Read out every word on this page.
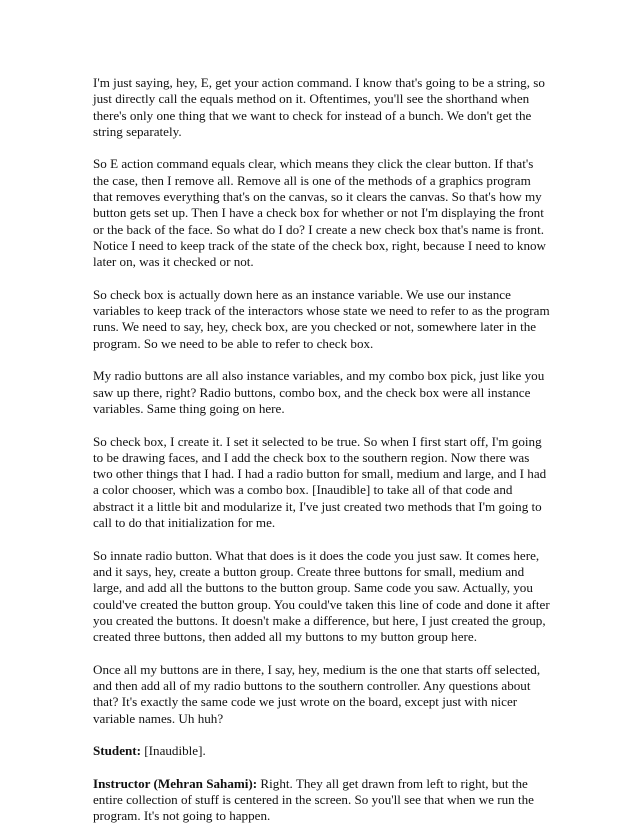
I'm just saying, hey, E, get your action command. I know that's going to be a string, so just directly call the equals method on it. Oftentimes, you'll see the shorthand when there's only one thing that we want to check for instead of a bunch. We don't get the string separately.

So E action command equals clear, which means they click the clear button. If that's the case, then I remove all. Remove all is one of the methods of a graphics program that removes everything that's on the canvas, so it clears the canvas. So that's how my button gets set up. Then I have a check box for whether or not I'm displaying the front or the back of the face. So what do I do? I create a new check box that's name is front. Notice I need to keep track of the state of the check box, right, because I need to know later on, was it checked or not.

So check box is actually down here as an instance variable. We use our instance variables to keep track of the interactors whose state we need to refer to as the program runs. We need to say, hey, check box, are you checked or not, somewhere later in the program. So we need to be able to refer to check box.

My radio buttons are all also instance variables, and my combo box pick, just like you saw up there, right? Radio buttons, combo box, and the check box were all instance variables. Same thing going on here.

So check box, I create it. I set it selected to be true. So when I first start off, I'm going to be drawing faces, and I add the check box to the southern region. Now there was two other things that I had. I had a radio button for small, medium and large, and I had a color chooser, which was a combo box. [Inaudible] to take all of that code and abstract it a little bit and modularize it, I've just created two methods that I'm going to call to do that initialization for me.

So innate radio button. What that does is it does the code you just saw. It comes here, and it says, hey, create a button group. Create three buttons for small, medium and large, and add all the buttons to the button group. Same code you saw. Actually, you could've created the button group. You could've taken this line of code and done it after you created the buttons. It doesn't make a difference, but here, I just created the group, created three buttons, then added all my buttons to my button group here.

Once all my buttons are in there, I say, hey, medium is the one that starts off selected, and then add all of my radio buttons to the southern controller. Any questions about that? It's exactly the same code we just wrote on the board, except just with nicer variable names. Uh huh?

Student: [Inaudible].

Instructor (Mehran Sahami): Right. They all get drawn from left to right, but the entire collection of stuff is centered in the screen. So you'll see that when we run the program. It's not going to happen.
